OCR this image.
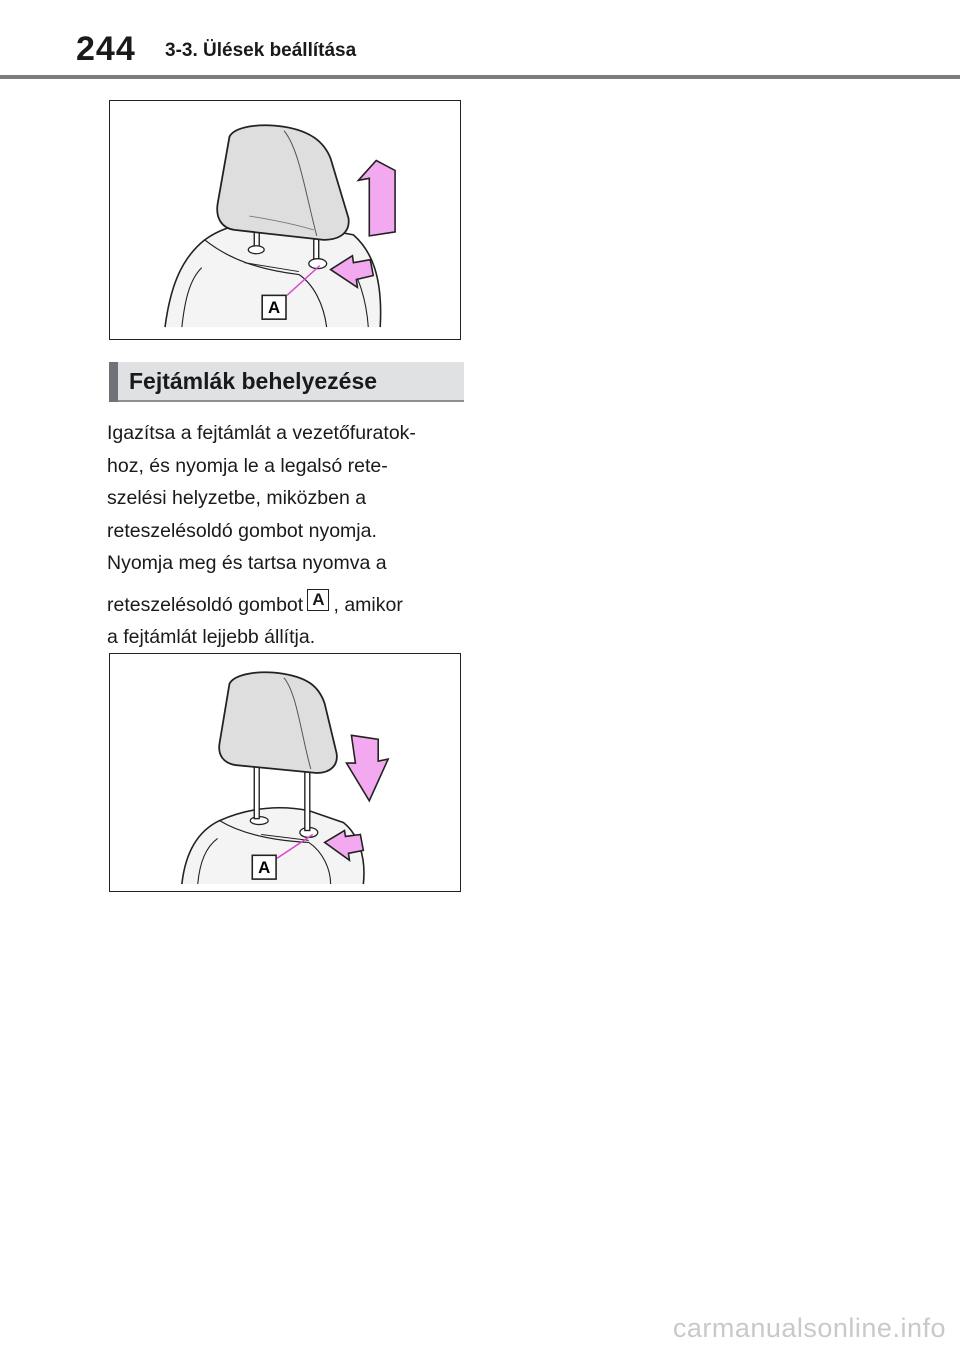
244 3-3. Ülések beállítása
A
Fejtámlák behelyezése
Igazítsa a fejtámlát a vezetőfuratok-
hoz, és nyomja le a legalsó rete-
szelési helyzetbe, miközben a
reteszelésoldó gombot nyomja.
Nyomja meg és tartsa nyomva a
reteszelésoldó gombot A , amikor
a fejtámlát lejjebb állítja.
A
carmanualsonline.info
